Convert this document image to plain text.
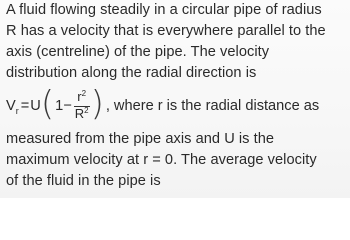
A fluid flowing steadily in a circular pipe of radius
R has a velocity that is everywhere parallel to the
axis (centreline) of the pipe. The velocity
distribution along the radial direction is
V r = U ( $1- \frac{r^2}{R^2}$ ) , where r is the radial distance as
measured from the pipe axis and U is the
maximum velocity at r = 0. The average velocity
of the fluid in the pipe is
